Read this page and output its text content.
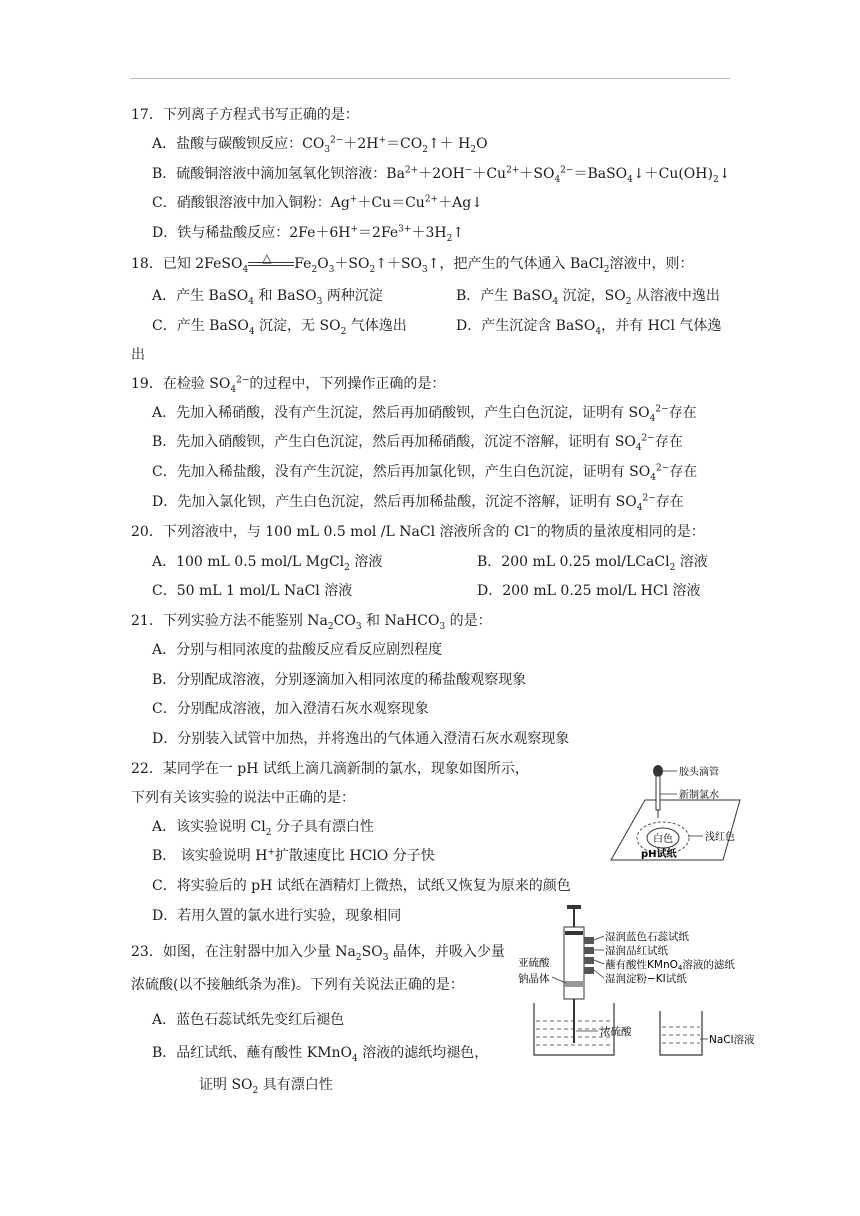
17．下列离子方程式书写正确的是：
A．盐酸与碳酸钡反应：$CO_3^{2-}+2H^+=CO_2↑+ H_2O$
B．硫酸铜溶液中滴加氢氧化钡溶液：$Ba^{2+}+2OH^-+Cu^{2+}+SO_4^{2-}=BaSO_4↓+Cu(OH)_2↓$
C．硝酸银溶液中加入铜粉：$Ag^++Cu=Cu^{2+}+Ag↓$
D．铁与稀盐酸反应：$2Fe+6H^+=2Fe^{3+}+3H_2↑$
18．已知 2FeSO$_4$
△ $Fe_2O_3+SO_2↑+SO_3↑$，把产生的气体通入 BaCl$_2$溶液中，则：
A．产生 BaSO$_4$ 和 BaSO$_3$ 两种沉淀	B．产生 BaSO$_4$ 沉淀，$SO_2$ 从溶液中逸出
C．产生 BaSO$_4$ 沉淀，无 $SO_2$ 气体逸出	D．产生沉淀含 BaSO$_4$，并有 HCl 气体逸
出
19．在检验 $SO_4^{2-}$的过程中，下列操作正确的是：
A．先加入稀硝酸，没有产生沉淀，然后再加硝酸钡，产生白色沉淀，证明有 $SO_4^{2-}$存在
B．先加入硝酸钡，产生白色沉淀，然后再加稀硝酸，沉淀不溶解，证明有 $SO_4^{2-}$存在
C．先加入稀盐酸，没有产生沉淀，然后再加氯化钡，产生白色沉淀，证明有 $SO_4^{2-}$存在
D．先加入氯化钡，产生白色沉淀，然后再加稀盐酸，沉淀不溶解，证明有 $SO_4^{2-}$存在
20．下列溶液中，与 100 mL 0.5 mol /L NaCl 溶液所含的 Cl−的物质的量浓度相同的是：
A．100 mL 0.5 mol/L MgCl$_2$ 溶液	B．200 mL 0.25 mol/LCaCl$_2$ 溶液
C．50 mL 1 mol/L NaCl 溶液	D．200 mL 0.25 mol/L HCl 溶液
21．下列实验方法不能鉴别 $Na_2CO_3$ 和 NaHCO$_3$ 的是：
A．分别与相同浓度的盐酸反应看反应剧烈程度
B．分别配成溶液，分别逐滴加入相同浓度的稀盐酸观察现象
C．分别配成溶液，加入澄清石灰水观察现象
D．分别装入试管中加热，并将逸出的气体通入澄清石灰水观察现象
22．某同学在一 pH 试纸上滴几滴新制的氯水，现象如图所示，
下列有关该实验的说法中正确的是：
A．该实验说明 $Cl_2$ 分子具有漂白性
B． 该实验说明 H+扩散速度比 HClO 分子快
C．将实验后的 pH 试纸在酒精灯上微热，试纸又恢复为原来的颜色
D．若用久置的氯水进行实验，现象相同
白色
胶头滴管
新制氯水
浅红色
pH试纸
23．如图，在注射器中加入少量 $Na_2SO_3$ 晶体，并吸入少量
浓硫酸(以不接触纸条为准)。下列有关说法正确的是：
A．蓝色石蕊试纸先变红后褪色
B．品红试纸、蘸有酸性 KMnO$_4$ 溶液的滤纸均褪色，
证明 $SO_2$ 具有漂白性
湿润蓝色石蕊试纸
湿润品红试纸
蘸有酸性KMnO4溶液的滤纸
湿润淀粉−KI试纸
亚硫酸
钠晶体
浓硫酸
NaCl溶液
